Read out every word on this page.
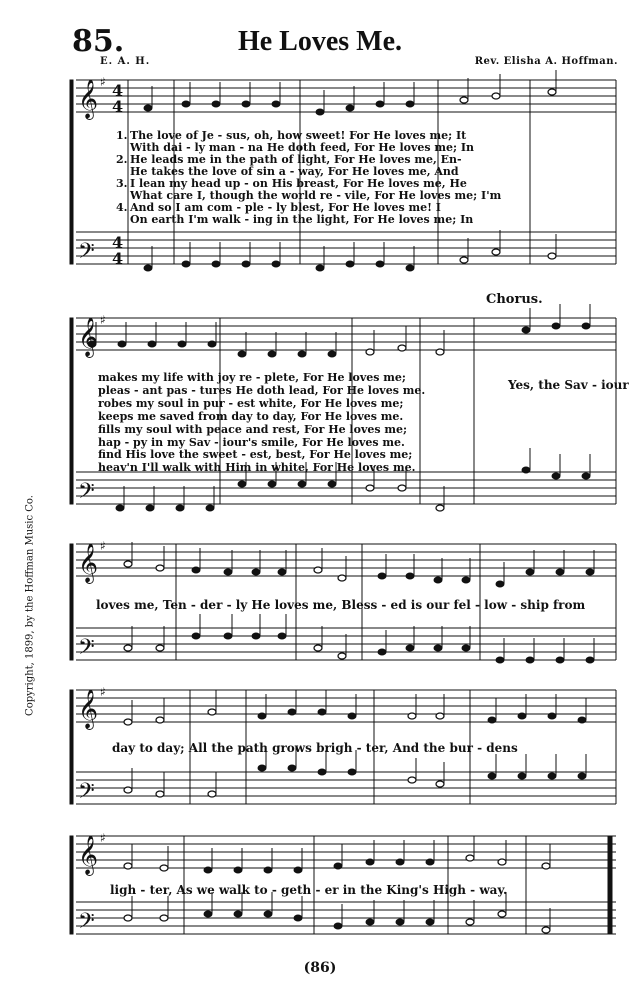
85.	He Loves Me.
E. A. H.	Rev. Elisha A. Hoffman.
Copyright, 1899, by the Hoffman Music Co.
𝄞
𝄢
𝄞
𝄢
𝄞
𝄢
𝄞
𝄢
𝄞
𝄢
4
4
4
4
♯
♯
♯
♯
♯
1. The love of Je - sus, oh, how sweet! For He loves me; It
With dai - ly man - na He doth feed, For He loves me; In
2. He leads me in the path of light, For He loves me, En-
He takes the love of sin a - way, For He loves me, And
3. I lean my head up - on His breast, For He loves me, He
What care I, though the world re - vile, For He loves me; I'm
4. And so I am com - ple - ly blest, For He loves me! I
On earth I'm walk - ing in the light, For He loves me; In
Chorus.
Yes, the Sav - iour
makes my life with joy re - plete, For He loves me;
pleas - ant pas - tures He doth lead, For He loves me.
robes my soul in pur - est white, For He loves me;
keeps me saved from day to day, For He loves me.
fills my soul with peace and rest, For He loves me;
hap - py in my Sav - iour's smile, For He loves me.
find His love the sweet - est, best, For He loves me;
heav'n I'll walk with Him in white, For He loves me.
loves me, Ten - der - ly He loves me, Bless - ed is our fel - low - ship from
day to day; All the path grows brigh - ter, And the bur - dens
ligh - ter, As we walk to - geth - er in the King's High - way.
(86)
